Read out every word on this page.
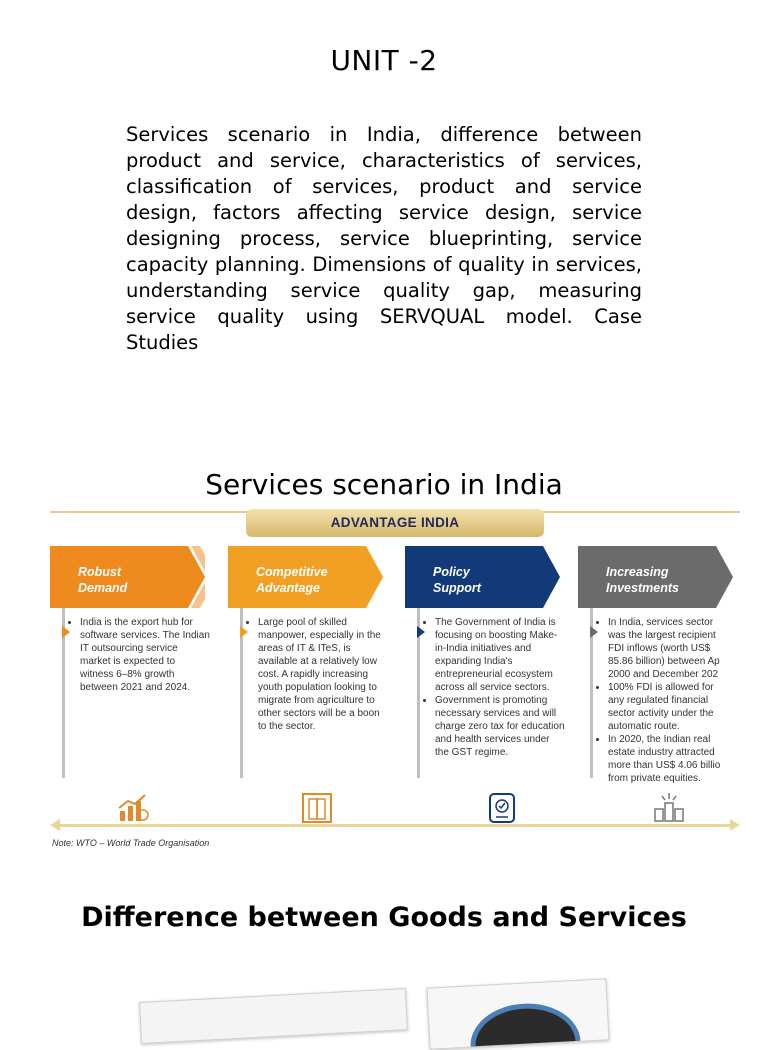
UNIT -2
Services scenario in India, difference between product and service, characteristics of services, classification of services, product and service design, factors affecting service design, service designing process, service blueprinting, service capacity planning. Dimensions of quality in services, understanding service quality gap, measuring service quality using SERVQUAL model. Case Studies
Services scenario in India
ADVANTAGE INDIA
Robust
Demand
• India is the export hub for software services. The Indian IT outsourcing service market is expected to witness 6–8% growth between 2021 and 2024.
Competitive
Advantage
• Large pool of skilled manpower, especially in the areas of IT & ITeS, is available at a relatively low cost. A rapidly increasing youth population looking to migrate from agriculture to other sectors will be a boon to the sector.
Policy
Support
• The Government of India is focusing on boosting Make-in-India initiatives and expanding India's entrepreneurial ecosystem across all service sectors.
• Government is promoting necessary services and will charge zero tax for education and health services under the GST regime.
Increasing
Investments
• In India, services sector was the largest recipient FDI inflows (worth US$ 85.86 billion) between Ap 2000 and December 202
• 100% FDI is allowed for any regulated financial sector activity under the automatic route.
• In 2020, the Indian real estate industry attracted more than US$ 4.06 billio from private equities.
Note: WTO – World Trade Organisation
Difference between Goods and Services
